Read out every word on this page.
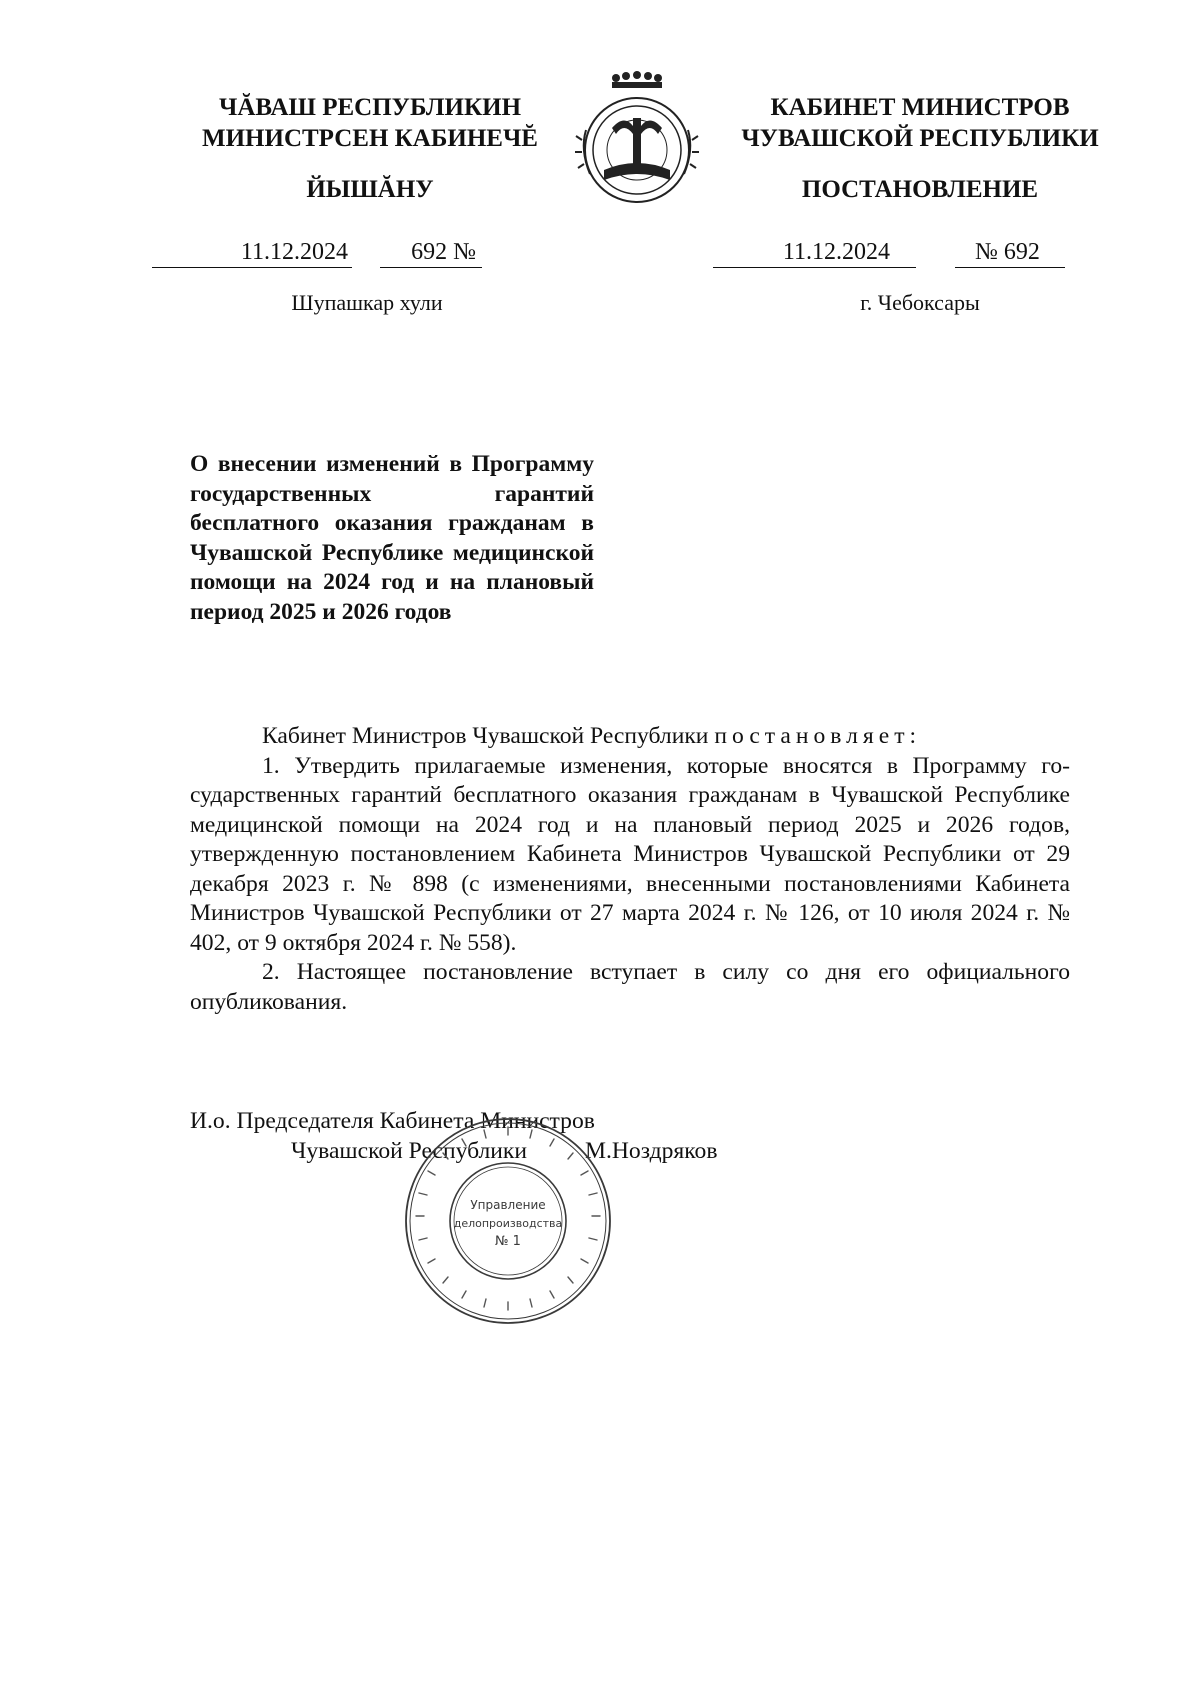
ЧĂВАШ РЕСПУБЛИКИН
МИНИСТРСЕН КАБИНЕЧĔ
ЙЫШĂНУ
КАБИНЕТ МИНИСТРОВ
ЧУВАШСКОЙ РЕСПУБЛИКИ
ПОСТАНОВЛЕНИЕ
11.12.2024	692 №
Шупашкар хули
11.12.2024	№ 692
г. Чебоксары
О внесении изменений в Программу государственных гарантий бесплатного оказания гражданам в Чувашской Республике медицинской помощи на 2024 год и на плановый период 2025 и 2026 годов

Кабинет Министров Чувашской Республики постановляет:

1. Утвердить прилагаемые изменения, которые вносятся в Программу государственных гарантий бесплатного оказания гражданам в Чувашской Республике медицинской помощи на 2024 год и на плановый период 2025 и 2026 годов, утвержденную постановлением Кабинета Министров Чувашской Республики от 29 декабря 2023 г. № 898 (с изменениями, внесенными постановлениями Кабинета Министров Чувашской Республики от 27 марта 2024 г. № 126, от 10 июля 2024 г. № 402, от 9 октября 2024 г. № 558).

2. Настоящее постановление вступает в силу со дня его официального опубликования.

И.о. Председателя Кабинета Министров
Чувашской Республики М.Ноздряков
Управление
делопроизводства
№ 1
